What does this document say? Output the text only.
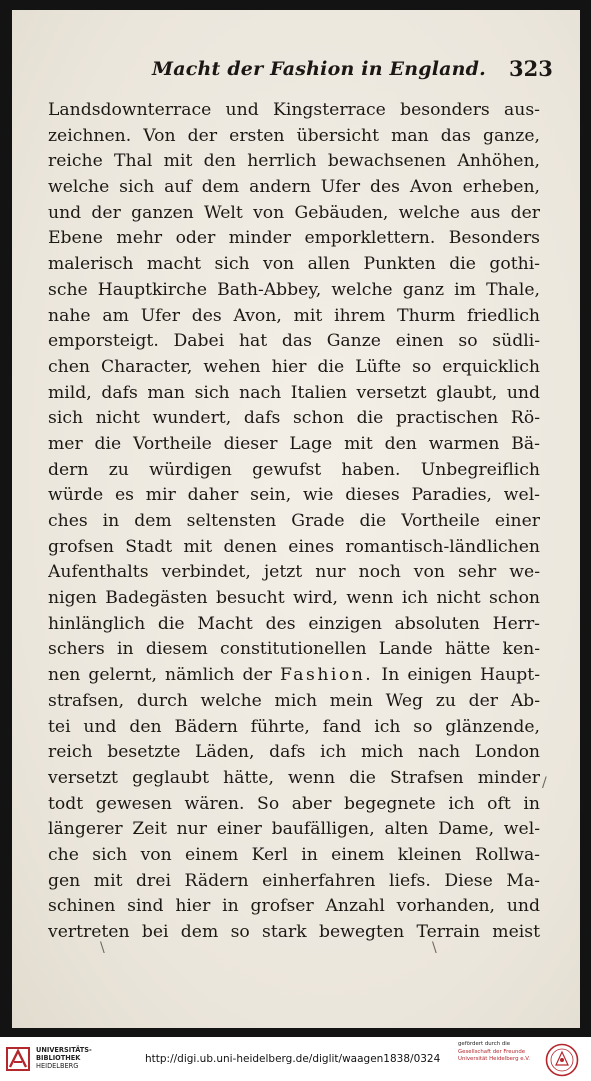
Macht der Fashion in England. 323
Landsdownterrace und Kingsterrace besonders aus-
zeichnen. Von der ersten übersicht man das ganze,
reiche Thal mit den herrlich bewachsenen Anhöhen,
welche sich auf dem andern Ufer des Avon erheben,
und der ganzen Welt von Gebäuden, welche aus der
Ebene mehr oder minder emporklettern. Besonders
malerisch macht sich von allen Punkten die gothi-
sche Hauptkirche Bath-Abbey, welche ganz im Thale,
nahe am Ufer des Avon, mit ihrem Thurm friedlich
emporsteigt. Dabei hat das Ganze einen so südli-
chen Character, wehen hier die Lüfte so erquicklich
mild, dafs man sich nach Italien versetzt glaubt, und
sich nicht wundert, dafs schon die practischen Rö-
mer die Vortheile dieser Lage mit den warmen Bä-
dern zu würdigen gewufst haben. Unbegreiflich
würde es mir daher sein, wie dieses Paradies, wel-
ches in dem seltensten Grade die Vortheile einer
grofsen Stadt mit denen eines romantisch-ländlichen
Aufenthalts verbindet, jetzt nur noch von sehr we-
nigen Badegästen besucht wird, wenn ich nicht schon
hinlänglich die Macht des einzigen absoluten Herr-
schers in diesem constitutionellen Lande hätte ken-
nen gelernt, nämlich der Fashion. In einigen Haupt-
strafsen, durch welche mich mein Weg zu der Ab-
tei und den Bädern führte, fand ich so glänzende,
reich besetzte Läden, dafs ich mich nach London
versetzt geglaubt hätte, wenn die Strafsen minder
todt gewesen wären. So aber begegnete ich oft in
längerer Zeit nur einer baufälligen, alten Dame, wel-
che sich von einem Kerl in einem kleinen Rollwa-
gen mit drei Rädern einherfahren liefs. Diese Ma-
schinen sind hier in grofser Anzahl vorhanden, und
vertreten bei dem so stark bewegten Terrain meist
\	\
/
UNIVERSITÄTS-
BIBLIOTHEK
HEIDELBERG
http://digi.ub.uni-heidelberg.de/diglit/waagen1838/0324
gefördert durch die
Gesellschaft der Freunde
Universität Heidelberg e.V.
